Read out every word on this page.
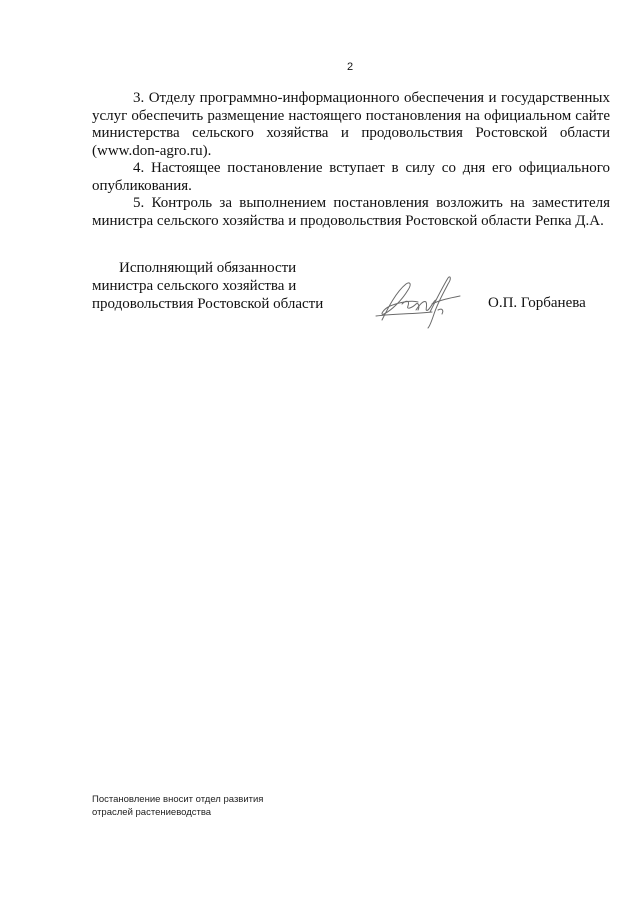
2

3. Отделу программно-информационного обеспечения и государственных услуг обеспечить размещение настоящего постановления на официальном сайте министерства сельского хозяйства и продовольствия Ростовской области (www.don-agro.ru).

4. Настоящее постановление вступает в силу со дня его официального опубликования.

5. Контроль за выполнением постановления возложить на заместителя министра сельского хозяйства и продовольствия Ростовской области Репка Д.А.

Исполняющий обязанности
министра сельского хозяйства и
продовольствия Ростовской области	О.П. Горбанева
Постановление вносит отдел развития
отраслей растениеводства
